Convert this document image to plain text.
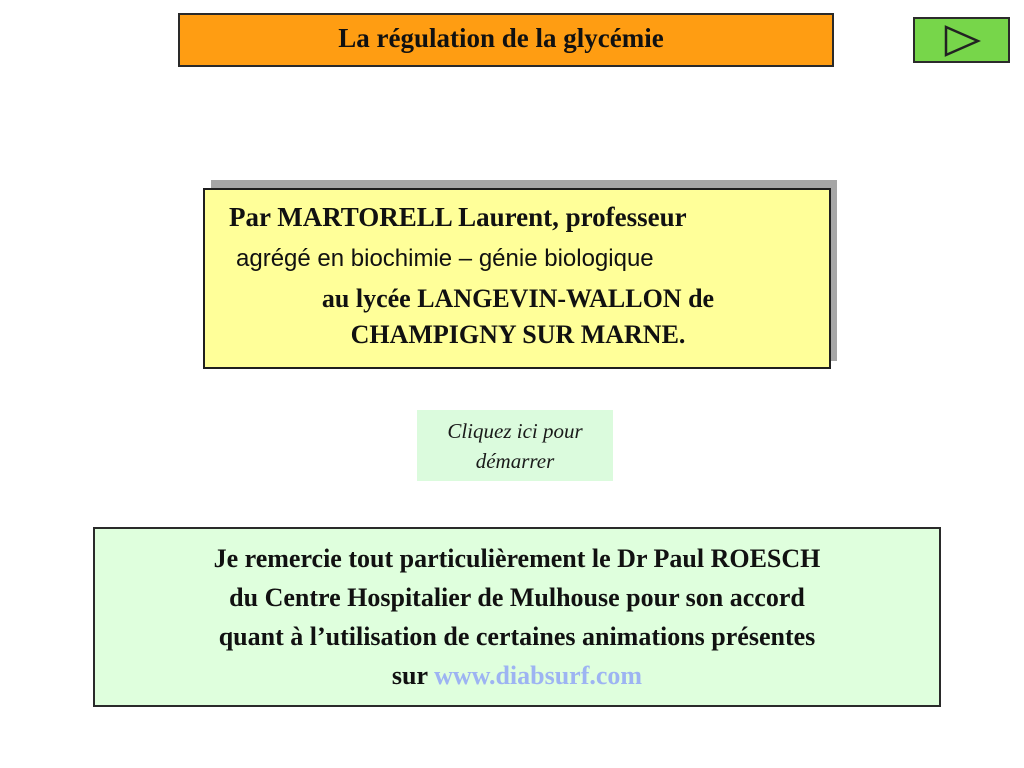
La régulation de la glycémie
Par MARTORELL Laurent, professeur
agrégé en biochimie – génie biologique
au lycée LANGEVIN-WALLON de
CHAMPIGNY SUR MARNE.
Cliquez ici pour
démarrer
Je remercie tout particulièrement le Dr Paul ROESCH
du Centre Hospitalier de Mulhouse pour son accord
quant à l’utilisation de certaines animations présentes
sur www.diabsurf.com
